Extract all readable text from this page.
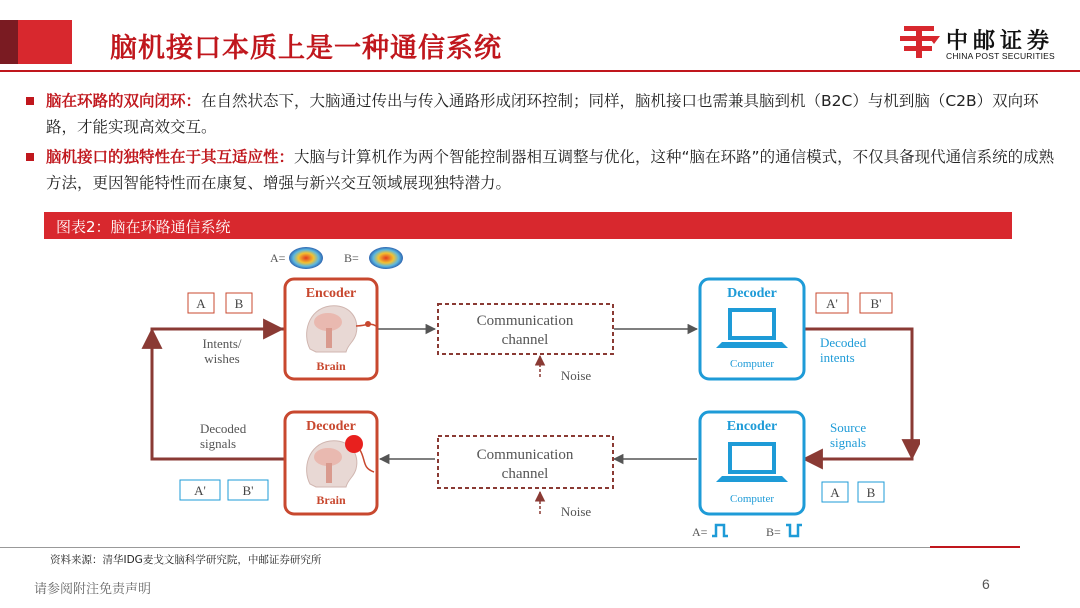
脑机接口本质上是一种通信系统	中邮证券
CHINA POST SECURITIES
脑在环路的双向闭环：在自然状态下，大脑通过传出与传入通路形成闭环控制；同样，脑机接口也需兼具脑到机（B2C）与机到脑（C2B）双向环路，才能实现高效交互。
脑机接口的独特性在于其互适应性：大脑与计算机作为两个智能控制器相互调整与优化，这种“脑在环路”的通信模式，不仅具备现代通信系统的成熟方法，更因智能特性而在康复、增强与新兴交互领域展现独特潜力。
图表2：脑在环路通信系统
A B
Intents/
wishes
A=	B=
Encoder
Brain
Communication
channel
Noise
Decoder
Computer
A'	B'
Decoded
intents
Decoded
signals
A'	B'
Decoder
Brain
Communication
channel
Noise
Encoder
Computer
Source
signals
A B
A=	B=
资料来源：清华IDG麦戈文脑科学研究院，中邮证券研究所
请参阅附注免责声明	6
